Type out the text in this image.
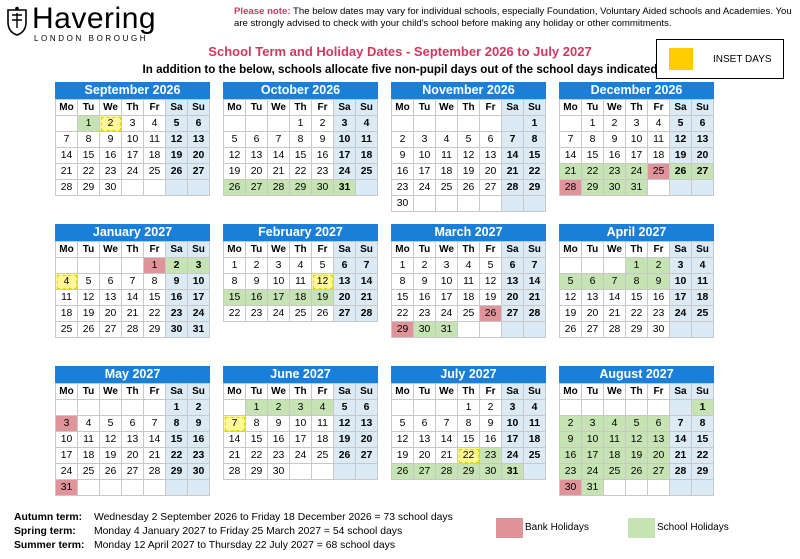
Havering
LONDON BOROUGH
Please note: The below dates may vary for individual schools, especially Foundation, Voluntary Aided schools and Academies. You are strongly advised to check with your child's school before making any holiday or other commitments.
School Term and Holiday Dates - September 2026 to July 2027
In addition to the below, schools allocate five non-pupil days out of the school days indicated
INSET DAYS
September 2026
Mo	Tu	We	Th	Fr	Sa	Su
	1	2	3	4	5	6
7	8	9	10	11	12	13
14	15	16	17	18	19	20
21	22	23	24	25	26	27
28	29	30				
October 2026
Mo	Tu	We	Th	Fr	Sa	Su
			1	2	3	4
5	6	7	8	9	10	11
12	13	14	15	16	17	18
19	20	21	22	23	24	25
26	27	28	29	30	31	
November 2026
Mo	Tu	We	Th	Fr	Sa	Su
						1
2	3	4	5	6	7	8
9	10	11	12	13	14	15
16	17	18	19	20	21	22
23	24	25	26	27	28	29
30						
December 2026
Mo	Tu	We	Th	Fr	Sa	Su
	1	2	3	4	5	6
7	8	9	10	11	12	13
14	15	16	17	18	19	20
21	22	23	24	25	26	27
28	29	30	31			
January 2027
Mo	Tu	We	Th	Fr	Sa	Su
				1	2	3
4	5	6	7	8	9	10
11	12	13	14	15	16	17
18	19	20	21	22	23	24
25	26	27	28	29	30	31
February 2027
Mo	Tu	We	Th	Fr	Sa	Su
1	2	3	4	5	6	7
8	9	10	11	12	13	14
15	16	17	18	19	20	21
22	23	24	25	26	27	28
March 2027
Mo	Tu	We	Th	Fr	Sa	Su
1	2	3	4	5	6	7
8	9	10	11	12	13	14
15	16	17	18	19	20	21
22	23	24	25	26	27	28
29	30	31				
April 2027
Mo	Tu	We	Th	Fr	Sa	Su
			1	2	3	4
5	6	7	8	9	10	11
12	13	14	15	16	17	18
19	20	21	22	23	24	25
26	27	28	29	30		
May 2027
Mo	Tu	We	Th	Fr	Sa	Su
					1	2
3	4	5	6	7	8	9
10	11	12	13	14	15	16
17	18	19	20	21	22	23
24	25	26	27	28	29	30
31						
June 2027
Mo	Tu	We	Th	Fr	Sa	Su
	1	2	3	4	5	6
7	8	9	10	11	12	13
14	15	16	17	18	19	20
21	22	23	24	25	26	27
28	29	30				
July 2027
Mo	Tu	We	Th	Fr	Sa	Su
			1	2	3	4
5	6	7	8	9	10	11
12	13	14	15	16	17	18
19	20	21	22	23	24	25
26	27	28	29	30	31	
August 2027
Mo	Tu	We	Th	Fr	Sa	Su
						1
2	3	4	5	6	7	8
9	10	11	12	13	14	15
16	17	18	19	20	21	22
23	24	25	26	27	28	29
30	31					
Autumn term: Wednesday 2 September 2026 to Friday 18 December 2026 = 73 school days
Spring term: Monday 4 January 2027 to Friday 25 March 2027 = 54 school days
Summer term: Monday 12 April 2027 to Thursday 22 July 2027 = 68 school days
Bank Holidays	School Holidays
